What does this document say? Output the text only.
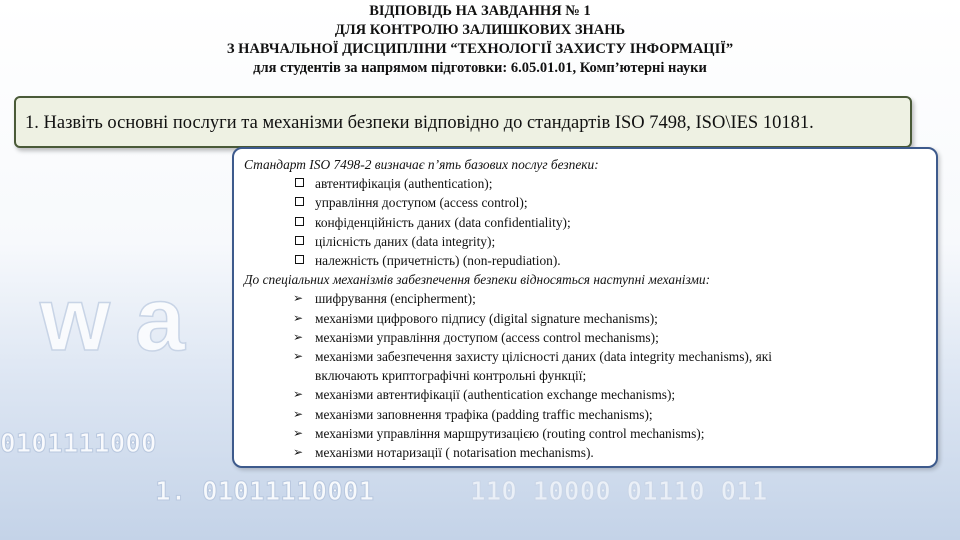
w a
0101111000
1. 01011110001	110 10000 01110 011
ВІДПОВІДЬ НА ЗАВДАННЯ № 1
ДЛЯ КОНТРОЛЮ ЗАЛИШКОВИХ ЗНАНЬ
З НАВЧАЛЬНОЇ ДИСЦИПЛІНИ “ТЕХНОЛОГІЇ ЗАХИСТУ ІНФОРМАЦІЇ”
для студентів за напрямом підготовки: 6.05.01.01, Комп’ютерні науки
1. Назвіть основні послуги та механізми безпеки відповідно до стандартів ISO 7498, ISO\IES 10181.
Стандарт ISO 7498-2 визначає п’ять базових послуг безпеки:
автентифікація (authentication);
управління доступом (access control);
конфіденційність даних (data confidentiality);
цілісність даних (data integrity);
належність (причетність) (non-repudiation).
До спеціальних механізмів забезпечення безпеки відносяться наступні механізми:
➢ шифрування (encipherment);
➢ механізми цифрового підпису (digital signature mechanisms);
➢ механізми управління доступом (access control mechanisms);
➢ механізми забезпечення захисту цілісності даних (data integrity mechanisms), які
включають криптографічні контрольні функції;
➢ механізми автентифікації (authentication exchange mechanisms);
➢ механізми заповнення трафіка (padding traffic mechanisms);
➢ механізми управління маршрутизацією (routing control mechanisms);
➢ механізми нотаризації ( notarisation mechanisms).
